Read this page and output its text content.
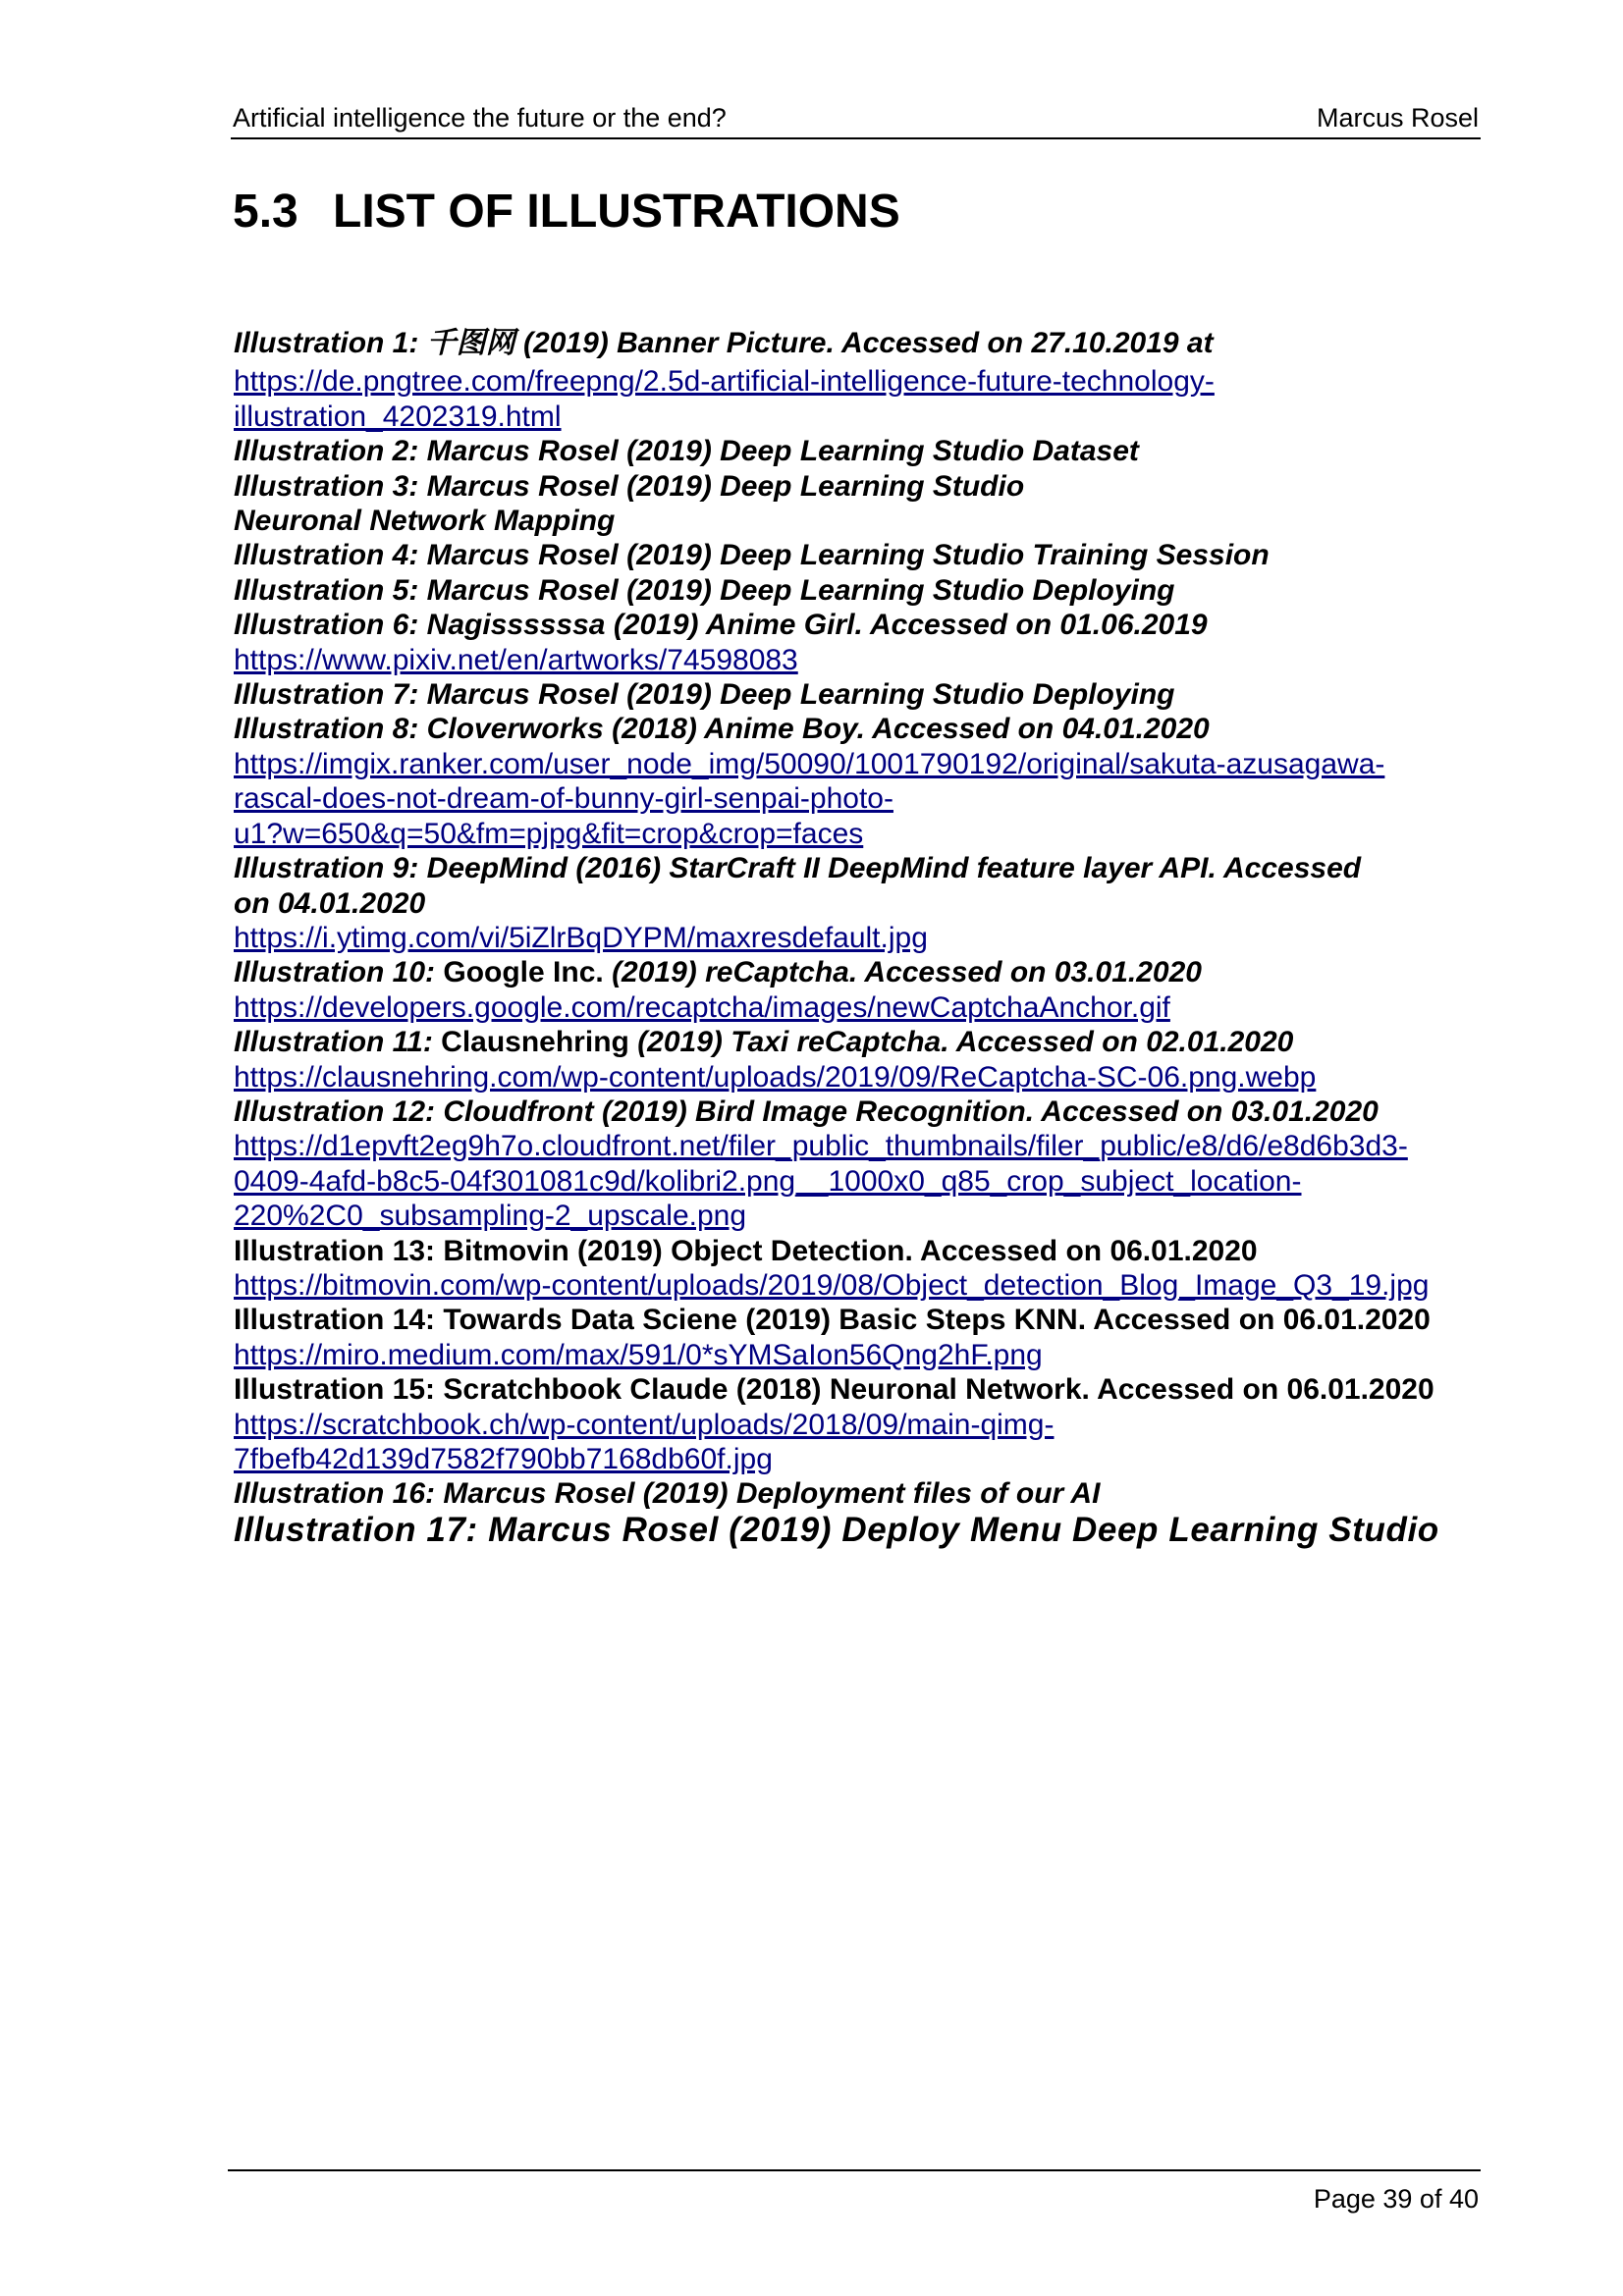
Artificial intelligence the future or the end?	Marcus Rosel
5.3 LIST OF ILLUSTRATIONS
Illustration 1: 千图网 (2019) Banner Picture. Accessed on 27.10.2019 at
https://de.pngtree.com/freepng/2.5d-artificial-intelligence-future-technology-
illustration_4202319.html
Illustration 2: Marcus Rosel (2019) Deep Learning Studio Dataset
Illustration 3: Marcus Rosel (2019) Deep Learning Studio
Neuronal Network Mapping
Illustration 4: Marcus Rosel (2019) Deep Learning Studio Training Session
Illustration 5: Marcus Rosel (2019) Deep Learning Studio Deploying
Illustration 6: Nagissssssa (2019) Anime Girl. Accessed on 01.06.2019
https://www.pixiv.net/en/artworks/74598083
Illustration 7: Marcus Rosel (2019) Deep Learning Studio Deploying
Illustration 8: Cloverworks (2018) Anime Boy. Accessed on 04.01.2020
https://imgix.ranker.com/user_node_img/50090/1001790192/original/sakuta-azusagawa-
rascal-does-not-dream-of-bunny-girl-senpai-photo-
u1?w=650&q=50&fm=pjpg&fit=crop&crop=faces
Illustration 9: DeepMind (2016) StarCraft II DeepMind feature layer API. Accessed
on 04.01.2020
https://i.ytimg.com/vi/5iZlrBqDYPM/maxresdefault.jpg
Illustration 10: Google Inc. (2019) reCaptcha. Accessed on 03.01.2020
https://developers.google.com/recaptcha/images/newCaptchaAnchor.gif
Illustration 11: Clausnehring (2019) Taxi reCaptcha. Accessed on 02.01.2020
https://clausnehring.com/wp-content/uploads/2019/09/ReCaptcha-SC-06.png.webp
Illustration 12: Cloudfront (2019) Bird Image Recognition. Accessed on 03.01.2020
https://d1epvft2eg9h7o.cloudfront.net/filer_public_thumbnails/filer_public/e8/d6/e8d6b3d3-
0409-4afd-b8c5-04f301081c9d/kolibri2.png__1000x0_q85_crop_subject_location-
220%2C0_subsampling-2_upscale.png
Illustration 13: Bitmovin (2019) Object Detection. Accessed on 06.01.2020
https://bitmovin.com/wp-content/uploads/2019/08/Object_detection_Blog_Image_Q3_19.jpg
Illustration 14: Towards Data Sciene (2019) Basic Steps KNN. Accessed on 06.01.2020
https://miro.medium.com/max/591/0*sYMSaIon56Qng2hF.png
Illustration 15: Scratchbook Claude (2018) Neuronal Network. Accessed on 06.01.2020
https://scratchbook.ch/wp-content/uploads/2018/09/main-qimg-
7fbefb42d139d7582f790bb7168db60f.jpg
Illustration 16: Marcus Rosel (2019) Deployment files of our AI
Illustration 17: Marcus Rosel (2019) Deploy Menu Deep Learning Studio
Page 39 of 40
